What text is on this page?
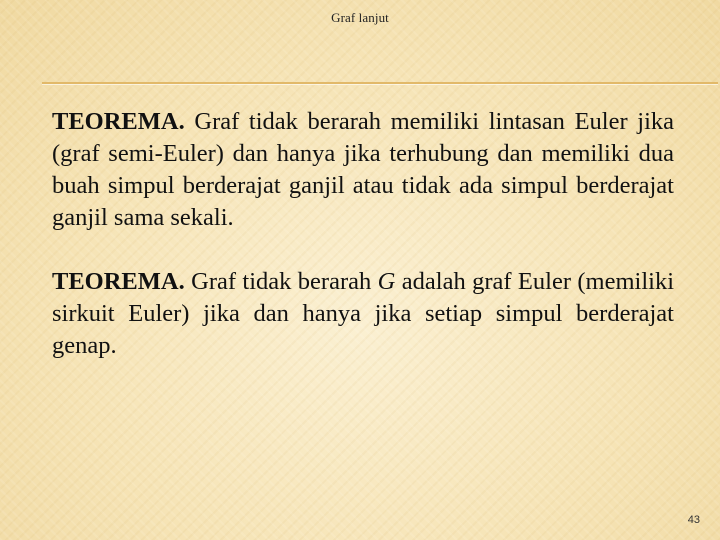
Graf lanjut

TEOREMA. Graf tidak berarah memiliki lintasan Euler jika (graf semi-Euler) dan hanya jika terhubung dan memiliki dua buah simpul berderajat ganjil atau tidak ada simpul berderajat ganjil sama sekali.

TEOREMA. Graf tidak berarah G adalah graf Euler (memiliki sirkuit Euler) jika dan hanya jika setiap simpul berderajat genap.

43
